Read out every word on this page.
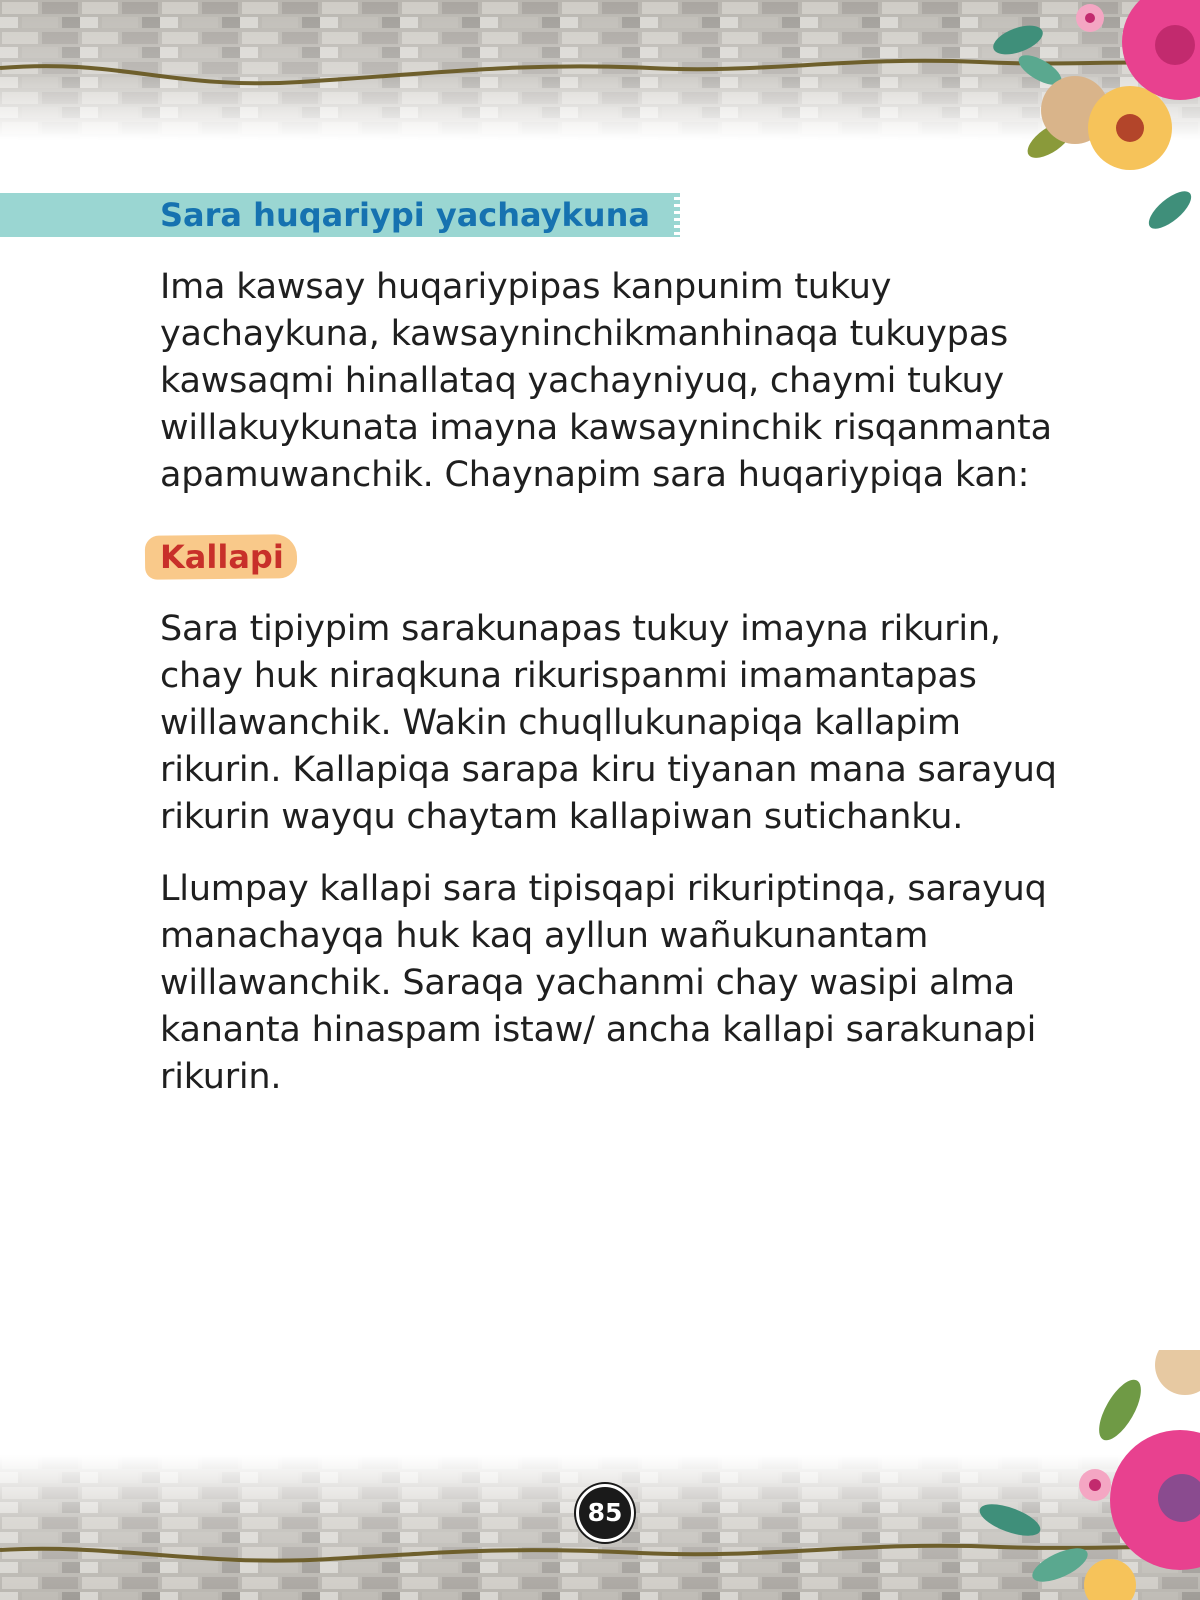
Sara huqariypi yachaykuna

Ima kawsay huqariypipas kanpunim tukuy yachaykuna, kawsayninchikmanhinaqa tukuypas kawsaqmi hinallataq yachayniyuq, chaymi tukuy willakuykunata imayna kawsayninchik risqanmanta apamuwanchik. Chaynapim sara huqariypiqa kan:

Kallapi

Sara tipiypim sarakunapas tukuy imayna rikurin, chay huk niraqkuna rikurispanmi imamantapas willawanchik. Wakin chuqllukunapiqa kallapim rikurin. Kallapiqa sarapa kiru tiyanan mana sarayuq rikurin wayqu chaytam kallapiwan sutichanku.

Llumpay kallapi sara tipisqapi rikuriptinqa, sarayuq manachayqa huk kaq ayllun wañukunantam willawanchik. Saraqa yachanmi chay wasipi alma kananta hinaspam istaw/ ancha kallapi sarakunapi rikurin.

85
